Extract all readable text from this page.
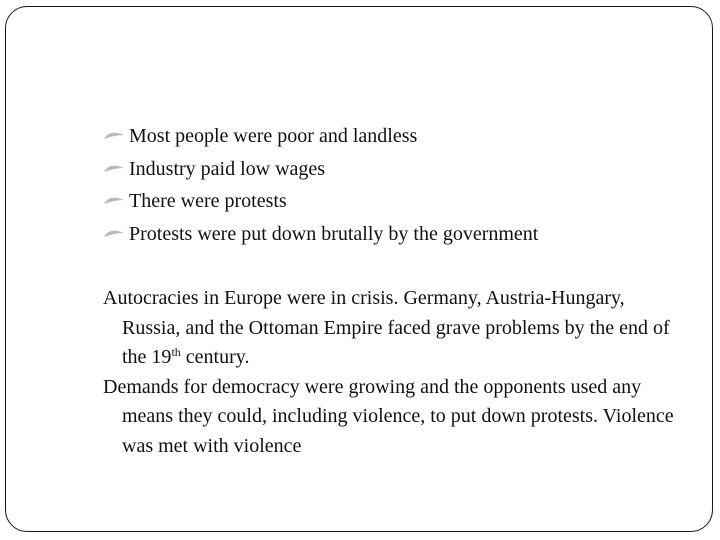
Most people were poor and landless
Industry paid low wages
There were protests
Protests were put down brutally by the government

Autocracies in Europe were in crisis. Germany, Austria-Hungary, Russia, and the Ottoman Empire faced grave problems by the end of the 19th century.

Demands for democracy were growing and the opponents used any means they could, including violence, to put down protests. Violence was met with violence
